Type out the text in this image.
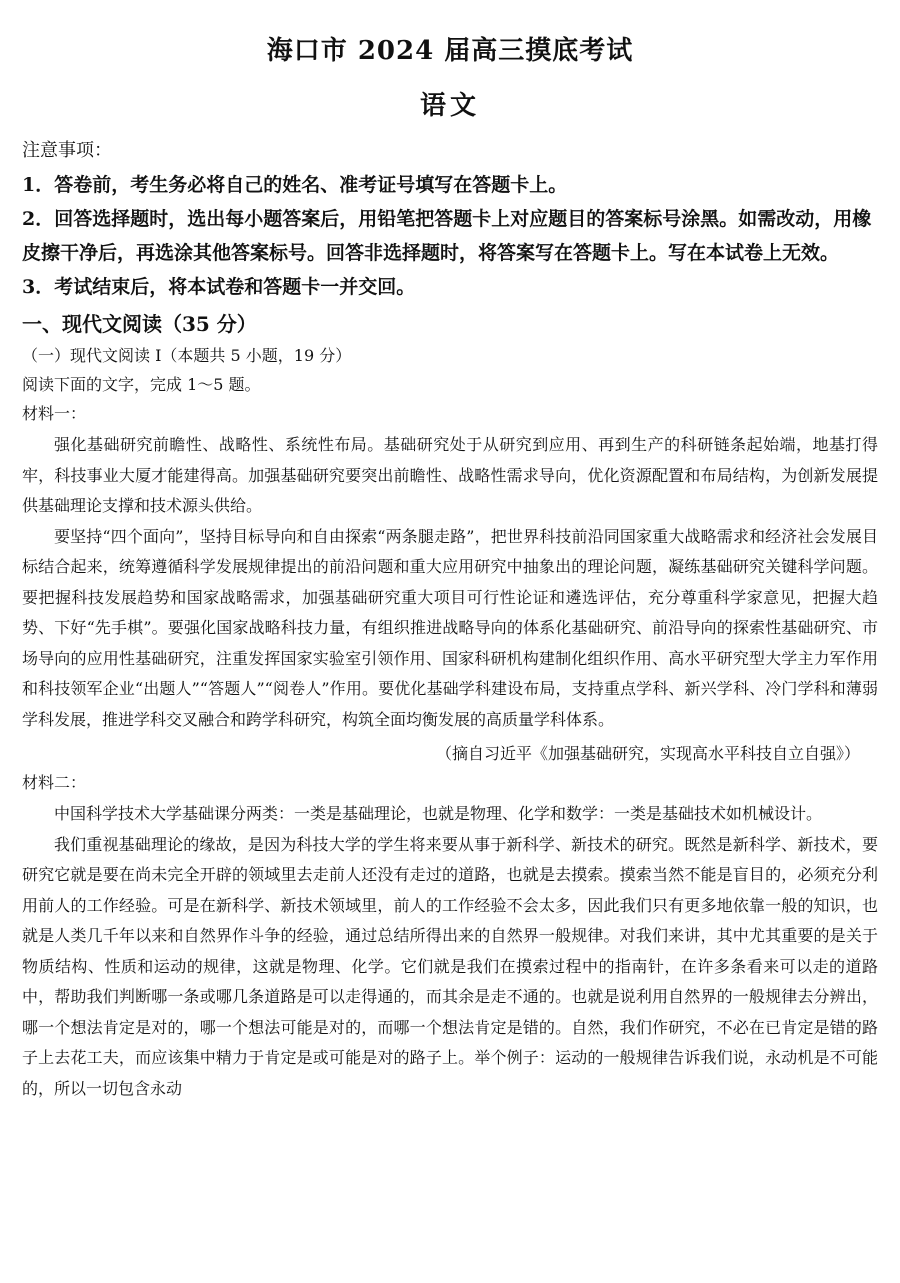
海口市 2024 届高三摸底考试
语文
注意事项：

1．答卷前，考生务必将自己的姓名、准考证号填写在答题卡上。

2．回答选择题时，选出每小题答案后，用铅笔把答题卡上对应题目的答案标号涂黑。如需改动，用橡皮擦干净后，再选涂其他答案标号。回答非选择题时，将答案写在答题卡上。写在本试卷上无效。

3．考试结束后，将本试卷和答题卡一并交回。

一、现代文阅读（35 分）
（一）现代文阅读 I（本题共 5 小题，19 分）
阅读下面的文字，完成 1～5 题。
材料一：

强化基础研究前瞻性、战略性、系统性布局。基础研究处于从研究到应用、再到生产的科研链条起始端，地基打得牢，科技事业大厦才能建得高。加强基础研究要突出前瞻性、战略性需求导向，优化资源配置和布局结构，为创新发展提供基础理论支撑和技术源头供给。

要坚持“四个面向”，坚持目标导向和自由探索“两条腿走路”，把世界科技前沿同国家重大战略需求和经济社会发展目标结合起来，统筹遵循科学发展规律提出的前沿问题和重大应用研究中抽象出的理论问题，凝练基础研究关键科学问题。要把握科技发展趋势和国家战略需求，加强基础研究重大项目可行性论证和遴选评估，充分尊重科学家意见，把握大趋势、下好“先手棋”。要强化国家战略科技力量，有组织推进战略导向的体系化基础研究、前沿导向的探索性基础研究、市场导向的应用性基础研究，注重发挥国家实验室引领作用、国家科研机构建制化组织作用、高水平研究型大学主力军作用和科技领军企业“出题人”“答题人”“阅卷人”作用。要优化基础学科建设布局，支持重点学科、新兴学科、冷门学科和薄弱学科发展，推进学科交叉融合和跨学科研究，构筑全面均衡发展的高质量学科体系。

（摘自习近平《加强基础研究，实现高水平科技自立自强》）
材料二：

中国科学技术大学基础课分两类：一类是基础理论，也就是物理、化学和数学：一类是基础技术如机械设计。

我们重视基础理论的缘故，是因为科技大学的学生将来要从事于新科学、新技术的研究。既然是新科学、新技术，要研究它就是要在尚未完全开辟的领域里去走前人还没有走过的道路，也就是去摸索。摸索当然不能是盲目的，必须充分利用前人的工作经验。可是在新科学、新技术领域里，前人的工作经验不会太多，因此我们只有更多地依靠一般的知识，也就是人类几千年以来和自然界作斗争的经验，通过总结所得出来的自然界一般规律。对我们来讲，其中尤其重要的是关于物质结构、性质和运动的规律，这就是物理、化学。它们就是我们在摸索过程中的指南针，在许多条看来可以走的道路中，帮助我们判断哪一条或哪几条道路是可以走得通的，而其余是走不通的。也就是说利用自然界的一般规律去分辨出，哪一个想法肯定是对的，哪一个想法可能是对的，而哪一个想法肯定是错的。自然，我们作研究，不必在已肯定是错的路子上去花工夫，而应该集中精力于肯定是或可能是对的路子上。举个例子：运动的一般规律告诉我们说，永动机是不可能的，所以一切包含永动
